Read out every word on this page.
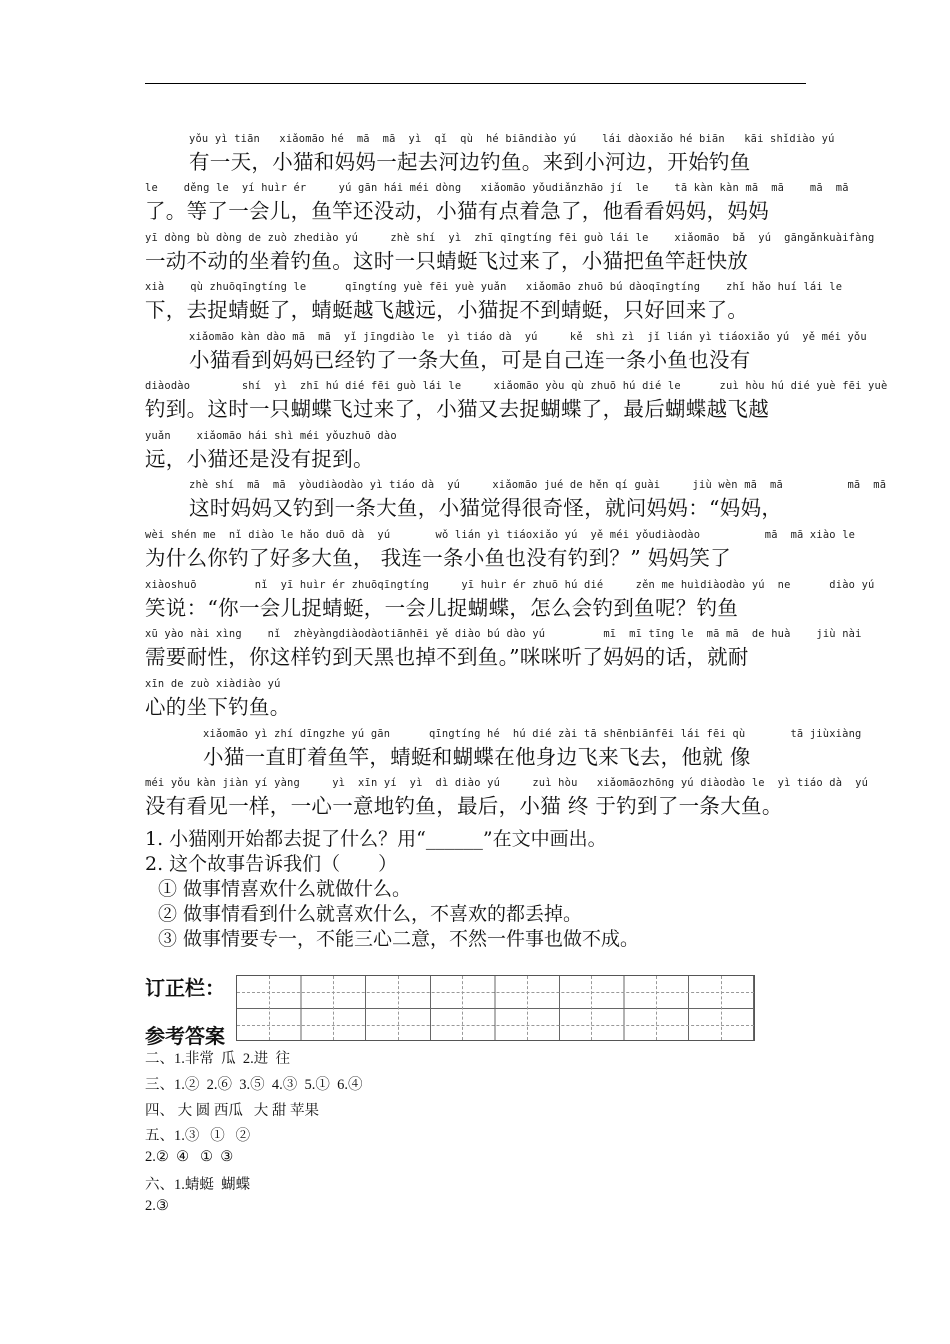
yǒu yì tiān   xiǎomāo hé  mā  mā  yì  qǐ  qù  hé biāndiào yú    lái dàoxiǎo hé biān   kāi shǐdiào yú
有一天，小猫和妈妈一起去河边钓鱼。来到小河边，开始钓鱼
le    děng le  yí huìr ér     yú gān hái méi dòng   xiǎomāo yǒudiǎnzhāo jí  le    tā kàn kàn mā  mā    mā  mā
了。等了一会儿，鱼竿还没动，小猫有点着急了，他看看妈妈，妈妈
yī dòng bù dòng de zuò zhediào yú     zhè shí  yì  zhī qīngtíng fēi guò lái le    xiǎomāo  bǎ  yú  gāngǎnkuàifàng
一动不动的坐着钓鱼。这时一只蜻蜓飞过来了，小猫把鱼竿赶快放
xià    qù zhuōqīngtíng le      qīngtíng yuè fēi yuè yuǎn   xiǎomāo zhuō bú dàoqīngtíng    zhǐ hǎo huí lái le
下，去捉蜻蜓了，蜻蜓越飞越远，小猫捉不到蜻蜓，只好回来了。
xiǎomāo kàn dào mā  mā  yǐ jīngdiào le  yì tiáo dà  yú     kě  shì zì  jǐ lián yì tiáoxiǎo yú  yě méi yǒu
小猫看到妈妈已经钓了一条大鱼，可是自己连一条小鱼也没有
diàodào        shí  yì  zhī hú dié fēi guò lái le     xiǎomāo yòu qù zhuō hú dié le      zuì hòu hú dié yuè fēi yuè
钓到。这时一只蝴蝶飞过来了，小猫又去捉蝴蝶了，最后蝴蝶越飞越
yuǎn    xiǎomāo hái shì méi yǒuzhuō dào
远，小猫还是没有捉到。
zhè shí  mā  mā  yòudiàodào yì tiáo dà  yú     xiǎomāo jué de hěn qí guài     jiù wèn mā  mā          mā  mā
这时妈妈又钓到一条大鱼，小猫觉得很奇怪，就问妈妈：“妈妈，
wèi shén me  nǐ diào le hǎo duō dà  yú       wǒ lián yì tiáoxiǎo yú  yě méi yǒudiàodào          mā  mā xiào le
为什么你钓了好多大鱼， 我连一条小鱼也没有钓到？” 妈妈笑了
xiàoshuō         nǐ  yī huìr ér zhuōqīngtíng     yī huìr ér zhuō hú dié     zěn me huìdiàodào yú  ne      diào yú
笑说：“你一会儿捉蜻蜓，一会儿捉蝴蝶，怎么会钓到鱼呢？钓鱼
xū yào nài xìng    nǐ  zhèyàngdiàodàotiānhēi yě diào bú dào yú         mī  mī tīng le  mā mā  de huà    jiù nài
需要耐性，你这样钓到天黑也掉不到鱼。”咪咪听了妈妈的话，就耐
xīn de zuò xiàdiào yú
心的坐下钓鱼。
xiǎomāo yì zhí dīngzhe yú gān      qīngtíng hé  hú dié zài tā shēnbiānfēi lái fēi qù       tā jiùxiàng
小猫一直盯着鱼竿，蜻蜓和蝴蝶在他身边飞来飞去，他就 像
méi yǒu kàn jiàn yí yàng     yì  xīn yí  yì  dì diào yú     zuì hòu   xiǎomāozhōng yú diàodào le  yì tiáo dà  yú
没有看见一样，一心一意地钓鱼，最后，小猫 终 于钓到了一条大鱼。
1. 小猫刚开始都去捉了什么？用“______”在文中画出。
2. 这个故事告诉我们（　　）
① 做事情喜欢什么就做什么。
② 做事情看到什么就喜欢什么，不喜欢的都丢掉。
③ 做事情要专一，不能三心二意，不然一件事也做不成。
订正栏：
参考答案
二、1.非常  瓜  2.进  往
三、1.②  2.⑥  3.⑤  4.③  5.①  6.④
四、 大 圆 西瓜   大 甜 苹果
五、1.③   ①   ②
2.②  ④   ①  ③
六、1.蜻蜓  蝴蝶
2.③
